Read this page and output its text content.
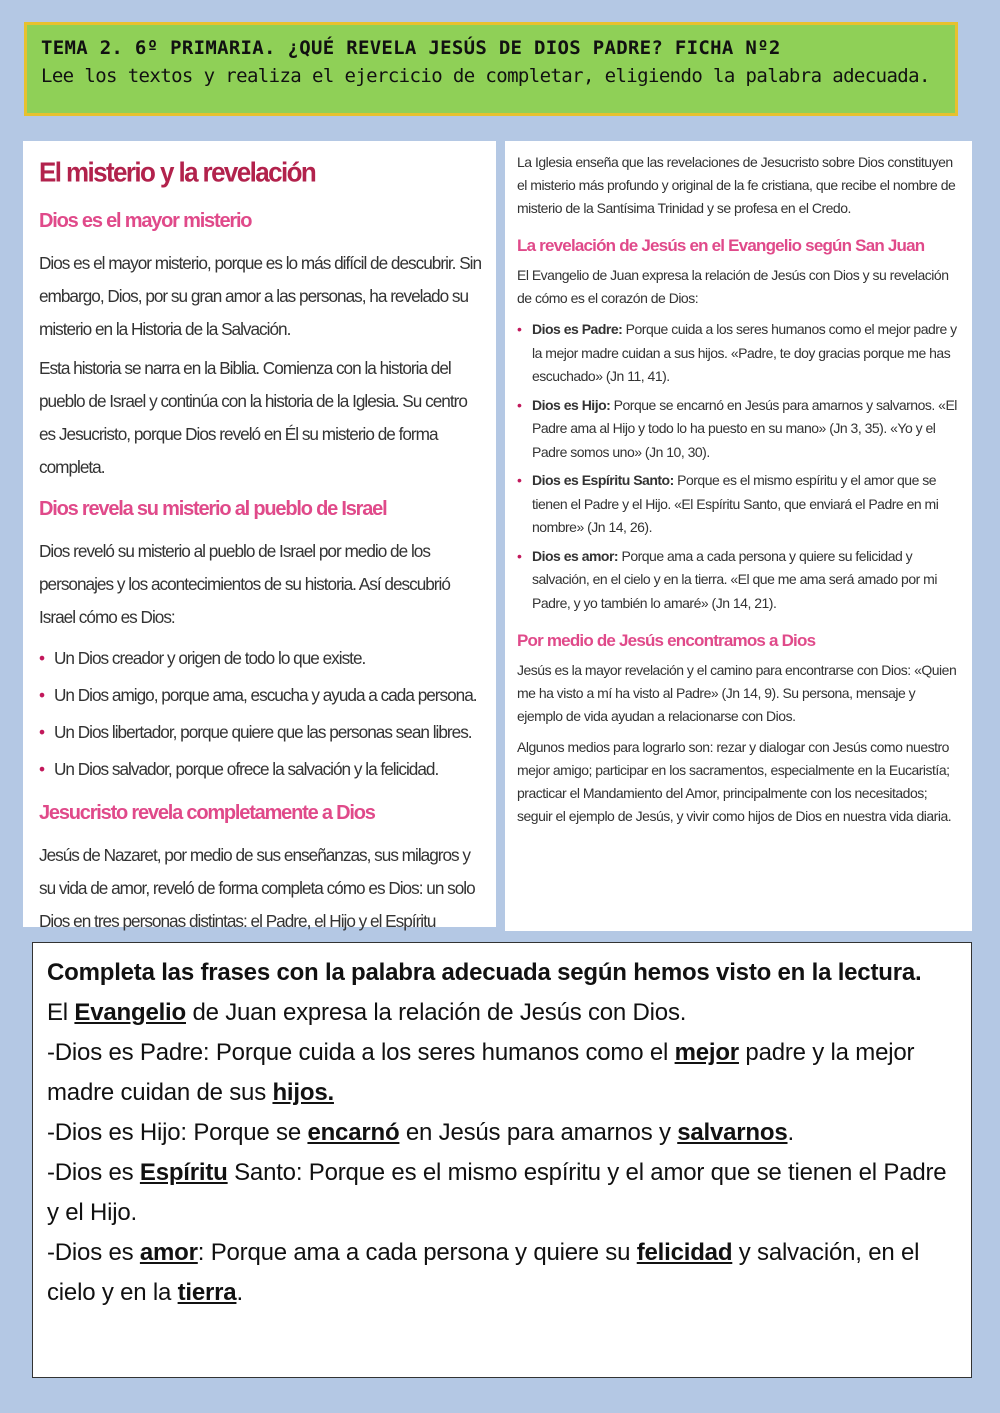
TEMA 2. 6º PRIMARIA. ¿QUÉ REVELA JESÚS DE DIOS PADRE? FICHA Nº2
Lee los textos y realiza el ejercicio de completar, eligiendo la palabra adecuada.
El misterio y la revelación
Dios es el mayor misterio

Dios es el mayor misterio, porque es lo más difícil de descubrir. Sin embargo, Dios, por su gran amor a las personas, ha revelado su misterio en la Historia de la Salvación.

Esta historia se narra en la Biblia. Comienza con la historia del pueblo de Israel y continúa con la historia de la Iglesia. Su centro es Jesucristo, porque Dios reveló en Él su misterio de forma completa.

Dios revela su misterio al pueblo de Israel

Dios reveló su misterio al pueblo de Israel por medio de los personajes y los acontecimientos de su historia. Así descubrió Israel cómo es Dios:

• Un Dios creador y origen de todo lo que existe.
• Un Dios amigo, porque ama, escucha y ayuda a cada persona.
• Un Dios libertador, porque quiere que las personas sean libres.
• Un Dios salvador, porque ofrece la salvación y la felicidad.
Jesucristo revela completamente a Dios

Jesús de Nazaret, por medio de sus enseñanzas, sus milagros y su vida de amor, reveló de forma completa cómo es Dios: un solo Dios en tres personas distintas: el Padre, el Hijo y el Espíritu

La Iglesia enseña que las revelaciones de Jesucristo sobre Dios constituyen el misterio más profundo y original de la fe cristiana, que recibe el nombre de misterio de la Santísima Trinidad y se profesa en el Credo.

La revelación de Jesús en el Evangelio según San Juan

El Evangelio de Juan expresa la relación de Jesús con Dios y su revelación de cómo es el corazón de Dios:

• Dios es Padre: Porque cuida a los seres humanos como el mejor padre y la mejor madre cuidan a sus hijos. «Padre, te doy gracias porque me has escuchado» (Jn 11, 41).
• Dios es Hijo: Porque se encarnó en Jesús para amarnos y salvarnos. «El Padre ama al Hijo y todo lo ha puesto en su mano» (Jn 3, 35). «Yo y el Padre somos uno» (Jn 10, 30).
• Dios es Espíritu Santo: Porque es el mismo espíritu y el amor que se tienen el Padre y el Hijo. «El Espíritu Santo, que enviará el Padre en mi nombre» (Jn 14, 26).
• Dios es amor: Porque ama a cada persona y quiere su felicidad y salvación, en el cielo y en la tierra. «El que me ama será amado por mi Padre, y yo también lo amaré» (Jn 14, 21).
Por medio de Jesús encontramos a Dios

Jesús es la mayor revelación y el camino para encontrarse con Dios: «Quien me ha visto a mí ha visto al Padre» (Jn 14, 9). Su persona, mensaje y ejemplo de vida ayudan a relacionarse con Dios.

Algunos medios para lograrlo son: rezar y dialogar con Jesús como nuestro mejor amigo; participar en los sacramentos, especialmente en la Eucaristía; practicar el Mandamiento del Amor, principalmente con los necesitados; seguir el ejemplo de Jesús, y vivir como hijos de Dios en nuestra vida diaria.

Completa las frases con la palabra adecuada según hemos visto en la lectura.

El Evangelio de Juan expresa la relación de Jesús con Dios.

-Dios es Padre: Porque cuida a los seres humanos como el mejor padre y la mejor madre cuidan de sus hijos.

-Dios es Hijo: Porque se encarnó en Jesús para amarnos y salvarnos.

-Dios es Espíritu Santo: Porque es el mismo espíritu y el amor que se tienen el Padre y el Hijo.

-Dios es amor: Porque ama a cada persona y quiere su felicidad y salvación, en el cielo y en la tierra.
